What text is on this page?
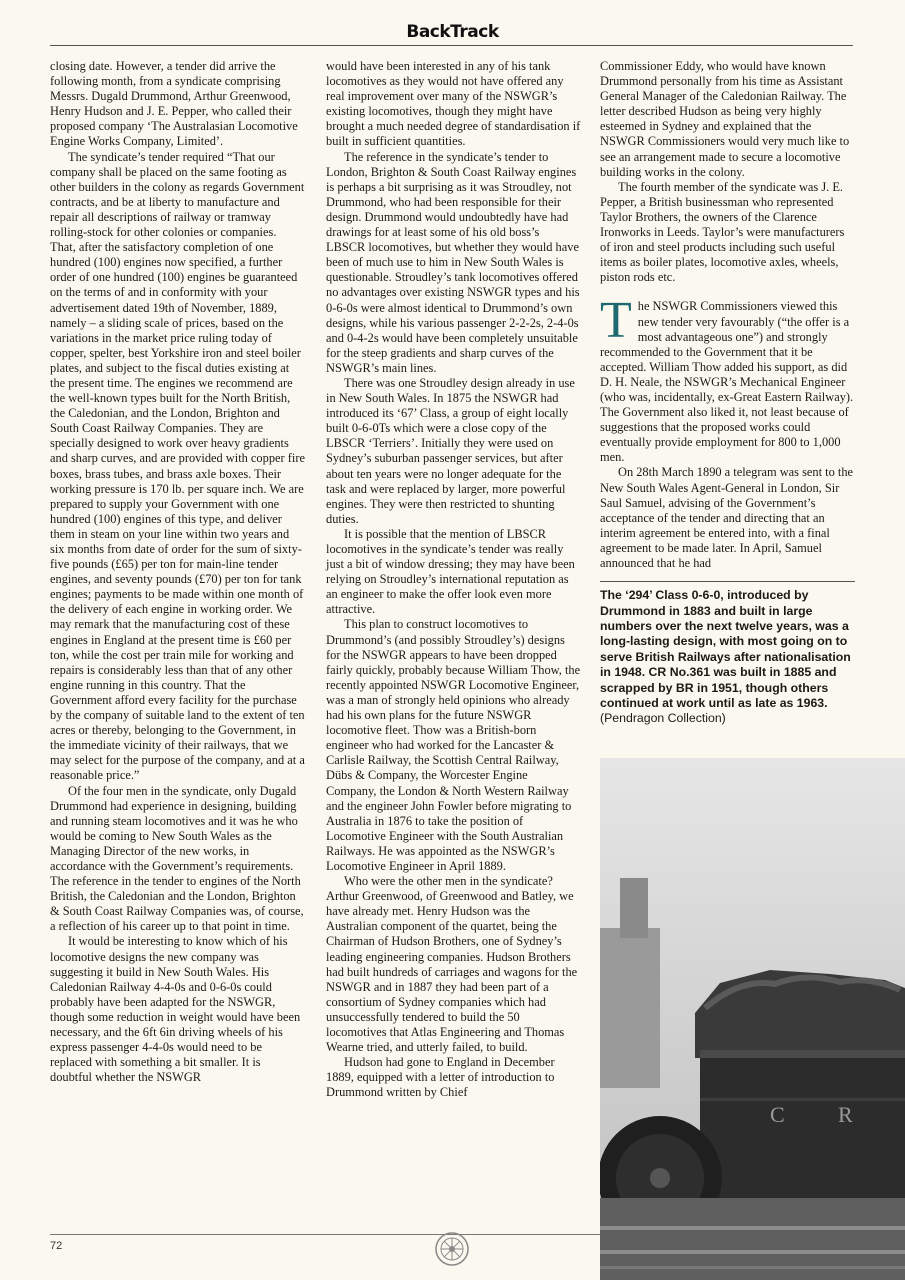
BackTrack

closing date. However, a tender did arrive the following month, from a syndicate comprising Messrs. Dugald Drummond, Arthur Greenwood, Henry Hudson and J. E. Pepper, who called their proposed company ‘The Australasian Locomotive Engine Works Company, Limited’.

The syndicate’s tender required “That our company shall be placed on the same footing as other builders in the colony as regards Government contracts, and be at liberty to manufacture and repair all descriptions of railway or tramway rolling-stock for other colonies or companies. That, after the satisfactory completion of one hundred (100) engines now specified, a further order of one hundred (100) engines be guaranteed on the terms of and in conformity with your advertisement dated 19th of November, 1889, namely – a sliding scale of prices, based on the variations in the market price ruling today of copper, spelter, best Yorkshire iron and steel boiler plates, and subject to the fiscal duties existing at the present time. The engines we recommend are the well-known types built for the North British, the Caledonian, and the London, Brighton and South Coast Railway Companies. They are specially designed to work over heavy gradients and sharp curves, and are provided with copper fire boxes, brass tubes, and brass axle boxes. Their working pressure is 170 lb. per square inch. We are prepared to supply your Government with one hundred (100) engines of this type, and deliver them in steam on your line within two years and six months from date of order for the sum of sixty-five pounds (£65) per ton for main-line tender engines, and seventy pounds (£70) per ton for tank engines; payments to be made within one month of the delivery of each engine in working order. We may remark that the manufacturing cost of these engines in England at the present time is £60 per ton, while the cost per train mile for working and repairs is considerably less than that of any other engine running in this country. That the Government afford every facility for the purchase by the company of suitable land to the extent of ten acres or thereby, belonging to the Government, in the immediate vicinity of their railways, that we may select for the purpose of the company, and at a reasonable price.”

Of the four men in the syndicate, only Dugald Drummond had experience in designing, building and running steam locomotives and it was he who would be coming to New South Wales as the Managing Director of the new works, in accordance with the Government’s requirements. The reference in the tender to engines of the North British, the Caledonian and the London, Brighton & South Coast Railway Companies was, of course, a reflection of his career up to that point in time.

It would be interesting to know which of his locomotive designs the new company was suggesting it build in New South Wales. His Caledonian Railway 4-4-0s and 0-6-0s could probably have been adapted for the NSWGR, though some reduction in weight would have been necessary, and the 6ft 6in driving wheels of his express passenger 4-4-0s would need to be replaced with something a bit smaller. It is doubtful whether the NSWGR

would have been interested in any of his tank locomotives as they would not have offered any real improvement over many of the NSWGR’s existing locomotives, though they might have brought a much needed degree of standardisation if built in sufficient quantities.

The reference in the syndicate’s tender to London, Brighton & South Coast Railway engines is perhaps a bit surprising as it was Stroudley, not Drummond, who had been responsible for their design. Drummond would undoubtedly have had drawings for at least some of his old boss’s LBSCR locomotives, but whether they would have been of much use to him in New South Wales is questionable. Stroudley’s tank locomotives offered no advantages over existing NSWGR types and his 0-6-0s were almost identical to Drummond’s own designs, while his various passenger 2-2-2s, 2-4-0s and 0-4-2s would have been completely unsuitable for the steep gradients and sharp curves of the NSWGR’s main lines.

There was one Stroudley design already in use in New South Wales. In 1875 the NSWGR had introduced its ‘67’ Class, a group of eight locally built 0-6-0Ts which were a close copy of the LBSCR ‘Terriers’. Initially they were used on Sydney’s suburban passenger services, but after about ten years were no longer adequate for the task and were replaced by larger, more powerful engines. They were then restricted to shunting duties.

It is possible that the mention of LBSCR locomotives in the syndicate’s tender was really just a bit of window dressing; they may have been relying on Stroudley’s international reputation as an engineer to make the offer look even more attractive.

This plan to construct locomotives to Drummond’s (and possibly Stroudley’s) designs for the NSWGR appears to have been dropped fairly quickly, probably because William Thow, the recently appointed NSWGR Locomotive Engineer, was a man of strongly held opinions who already had his own plans for the future NSWGR locomotive fleet. Thow was a British-born engineer who had worked for the Lancaster & Carlisle Railway, the Scottish Central Railway, Dübs & Company, the Worcester Engine Company, the London & North Western Railway and the engineer John Fowler before migrating to Australia in 1876 to take the position of Locomotive Engineer with the South Australian Railways. He was appointed as the NSWGR’s Locomotive Engineer in April 1889.

Who were the other men in the syndicate? Arthur Greenwood, of Greenwood and Batley, we have already met. Henry Hudson was the Australian component of the quartet, being the Chairman of Hudson Brothers, one of Sydney’s leading engineering companies. Hudson Brothers had built hundreds of carriages and wagons for the NSWGR and in 1887 they had been part of a consortium of Sydney companies which had unsuccessfully tendered to build the 50 locomotives that Atlas Engineering and Thomas Wearne tried, and utterly failed, to build.

Hudson had gone to England in December 1889, equipped with a letter of introduction to Drummond written by Chief

Commissioner Eddy, who would have known Drummond personally from his time as Assistant General Manager of the Caledonian Railway. The letter described Hudson as being very highly esteemed in Sydney and explained that the NSWGR Commissioners would very much like to see an arrangement made to secure a locomotive building works in the colony.

The fourth member of the syndicate was J. E. Pepper, a British businessman who represented Taylor Brothers, the owners of the Clarence Ironworks in Leeds. Taylor’s were manufacturers of iron and steel products including such useful items as boiler plates, locomotive axles, wheels, piston rods etc.

The NSWGR Commissioners viewed this new tender very favourably (“the offer is a most advantageous one”) and strongly recommended to the Government that it be accepted. William Thow added his support, as did D. H. Neale, the NSWGR’s Mechanical Engineer (who was, incidentally, ex-Great Eastern Railway). The Government also liked it, not least because of suggestions that the proposed works could eventually provide employment for 800 to 1,000 men.

On 28th March 1890 a telegram was sent to the New South Wales Agent-General in London, Sir Saul Samuel, advising of the Government’s acceptance of the tender and directing that an interim agreement be entered into, with a final agreement to be made later. In April, Samuel announced that he had

The ‘294’ Class 0-6-0, introduced by Drummond in 1883 and built in large numbers over the next twelve years, was a long-lasting design, with most going on to serve British Railways after nationalisation in 1948. CR No.361 was built in 1885 and scrapped by BR in 1951, though others continued at work until as late as 1963. (Pendragon Collection)
C R
72
